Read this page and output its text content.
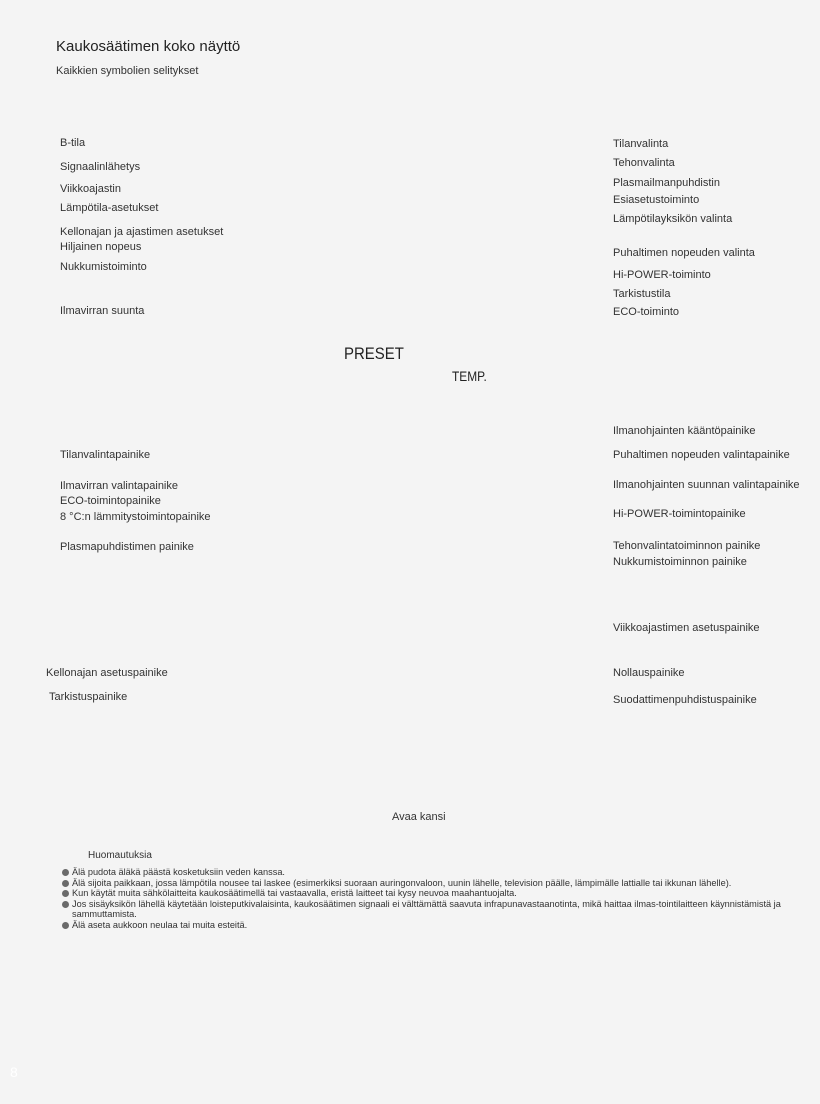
Kaukosäätimen koko näyttö
Kaikkien symbolien selitykset
B-tila
Signaalinlähetys
Viikkoajastin
Lämpötila-asetukset
Kellonajan ja ajastimen asetukset
Hiljainen nopeus
Nukkumistoiminto
Ilmavirran suunta
Tilanvalinta
Tehonvalinta
Plasmailmanpuhdistin
Esiasetustoiminto
Lämpötilayksikön valinta
Puhaltimen nopeuden valinta
Hi-POWER-toiminto
Tarkistustila
ECO-toiminto
PRESET
TEMP.
Tilanvalintapainike
Ilmavirran valintapainike
ECO-toimintopainike
8 °C:n lämmitystoimintopainike
Plasmapuhdistimen painike
Kellonajan asetuspainike
Tarkistuspainike
Ilmanohjainten kääntöpainike
Puhaltimen nopeuden valintapainike
Ilmanohjainten suunnan valintapainike
Hi-POWER-toimintopainike
Tehonvalintatoiminnon painike
Nukkumistoiminnon painike
Viikkoajastimen asetuspainike
Nollauspainike
Suodattimenpuhdistuspainike
Avaa kansi
Huomautuksia
Älä pudota äläkä päästä kosketuksiin veden kanssa.
Älä sijoita paikkaan, jossa lämpötila nousee tai laskee (esimerkiksi suoraan auringonvaloon, uunin lähelle, television päälle, lämpimälle lattialle tai ikkunan lähelle).
Kun käytät muita sähkölaitteita kaukosäätimellä tai vastaavalla, eristä laitteet tai kysy neuvoa maahantuojalta.
Jos sisäyksikön lähellä käytetään loisteputkivalaisinta, kaukosäätimen signaali ei välttämättä saavuta infrapunavastaanotinta, mikä haittaa ilmas-tointilaitteen käynnistämistä ja sammuttamista.
Älä aseta aukkoon neulaa tai muita esteitä.
8
